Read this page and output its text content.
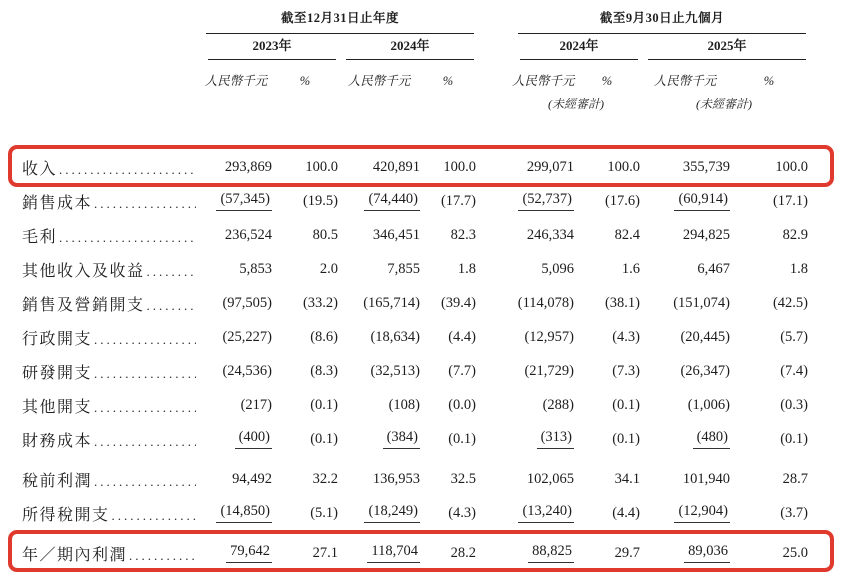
截至12月31日止年度	截至9月30日止九個月
2023年	2024年	2024年	2025年
人民幣千元	%	人民幣千元	%	人民幣千元	%	人民幣千元	%
(未經審計)	(未經審計)
收入 .....	293,869	100.0	420,891	100.0	299,071	100.0	355,739	100.0
銷售成本 .....	(57,345)	(19.5)	(74,440)	(17.7)	(52,737)	(17.6)	(60,914)	(17.1)
毛利 .....	236,524	80.5	346,451	82.3	246,334	82.4	294,825	82.9
其他收入及收益 .....	5,853	2.0	7,855	1.8	5,096	1.6	6,467	1.8
銷售及營銷開支 .....	(97,505)	(33.2)	(165,714)	(39.4)	(114,078)	(38.1)	(151,074)	(42.5)
行政開支 .....	(25,227)	(8.6)	(18,634)	(4.4)	(12,957)	(4.3)	(20,445)	(5.7)
研發開支 .....	(24,536)	(8.3)	(32,513)	(7.7)	(21,729)	(7.3)	(26,347)	(7.4)
其他開支 .....	(217)	(0.1)	(108)	(0.0)	(288)	(0.1)	(1,006)	(0.3)
財務成本 .....	(400)	(0.1)	(384)	(0.1)	(313)	(0.1)	(480)	(0.1)
稅前利潤 .....	94,492	32.2	136,953	32.5	102,065	34.1	101,940	28.7
所得稅開支 .....	(14,850)	(5.1)	(18,249)	(4.3)	(13,240)	(4.4)	(12,904)	(3.7)
年／期內利潤 .....	79,642	27.1	118,704	28.2	88,825	29.7	89,036	25.0
